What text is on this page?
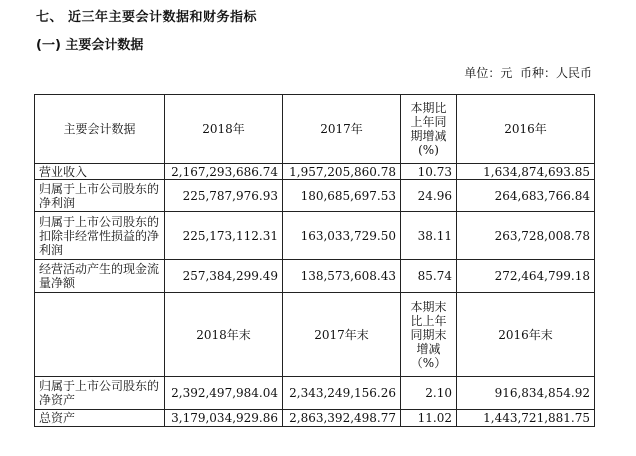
七、 近三年主要会计数据和财务指标
(一) 主要会计数据
单位：元  币种：人民币
主要会计数据	2018年	2017年	本期比上年同期增减(%)	2016年
营业收入	2,167,293,686.74	1,957,205,860.78	10.73	1,634,874,693.85
归属于上市公司股东的净利润	225,787,976.93	180,685,697.53	24.96	264,683,766.84
归属于上市公司股东的扣除非经常性损益的净利润	225,173,112.31	163,033,729.50	38.11	263,728,008.78
经营活动产生的现金流量净额	257,384,299.49	138,573,608.43	85.74	272,464,799.18
	2018年末	2017年末	本期末比上年同期末增减（%）	2016年末
归属于上市公司股东的净资产	2,392,497,984.04	2,343,249,156.26	2.10	916,834,854.92
总资产	3,179,034,929.86	2,863,392,498.77	11.02	1,443,721,881.75
